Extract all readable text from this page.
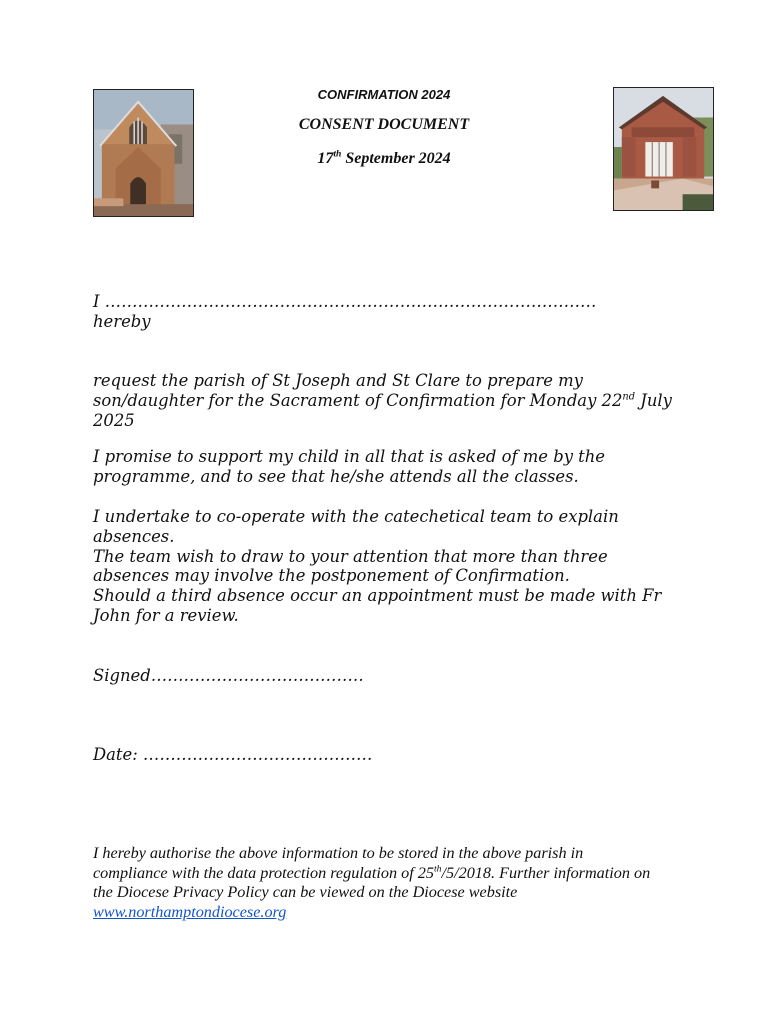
CONFIRMATION 2024
CONSENT DOCUMENT
17th September 2024

I ………………………………………………………………………………

hereby

request the parish of St Joseph and St Clare to prepare my son/daughter for the Sacrament of Confirmation for Monday 22nd July 2025

I promise to support my child in all that is asked of me by the programme, and to see that he/she attends all the classes.

I undertake to co-operate with the catechetical team to explain absences.
The team wish to draw to your attention that more than three absences may involve the postponement of Confirmation.
Should a third absence occur an appointment must be made with Fr John for a review.

Signed…………………………………

Date: ……………………………………

I hereby authorise the above information to be stored in the above parish in compliance with the data protection regulation of 25th/5/2018. Further information on the Diocese Privacy Policy can be viewed on the Diocese website www.northamptondiocese.org
